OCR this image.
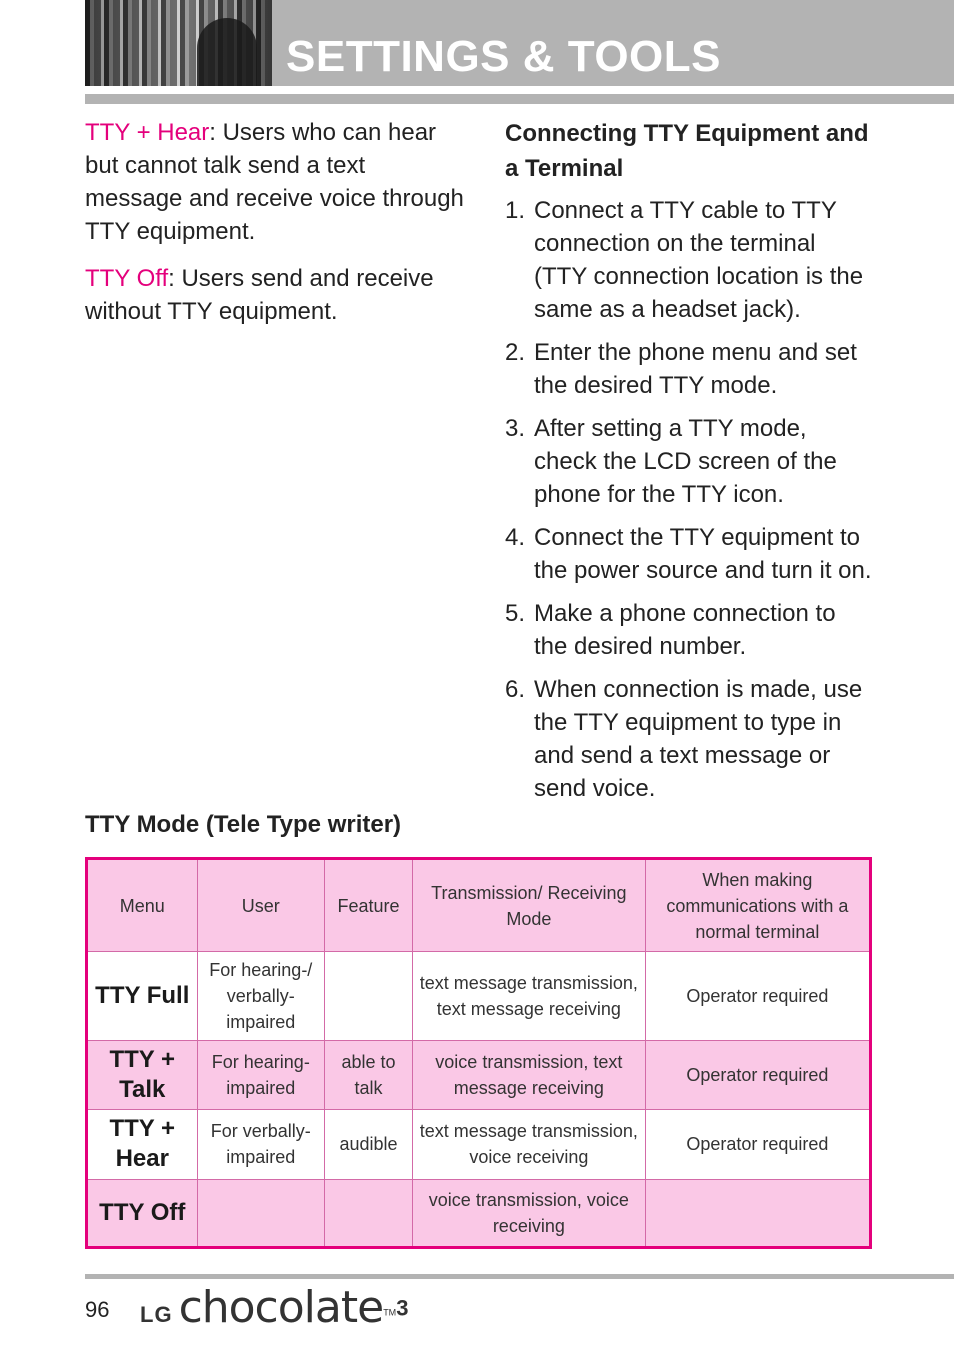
SETTINGS & TOOLS

TTY + Hear: Users who can hear but cannot talk send a text message and receive voice through TTY equipment.

TTY Off: Users send and receive without TTY equipment.

Connecting TTY Equipment and a Terminal
1. Connect a TTY cable to TTY connection on the terminal (TTY connection location is the same as a headset jack).
2. Enter the phone menu and set the desired TTY mode.
3. After setting a TTY mode, check the LCD screen of the phone for the TTY icon.
4. Connect the TTY equipment to the power source and turn it on.
5. Make a phone connection to the desired number.
6. When connection is made, use the TTY equipment to type in and send a text message or send voice.
TTY Mode (Tele Type writer)
Menu	User	Feature	Transmission/ Receiving Mode	When making communications with a normal terminal
TTY Full	For hearing-/ verbally-impaired		text message transmission, text message receiving	Operator required
TTY + Talk	For hearing-impaired	able to talk	voice transmission, text message receiving	Operator required
TTY + Hear	For verbally-impaired	audible	text message transmission, voice receiving	Operator required
TTY Off			voice transmission, voice receiving	
96 LG chocolate™3
